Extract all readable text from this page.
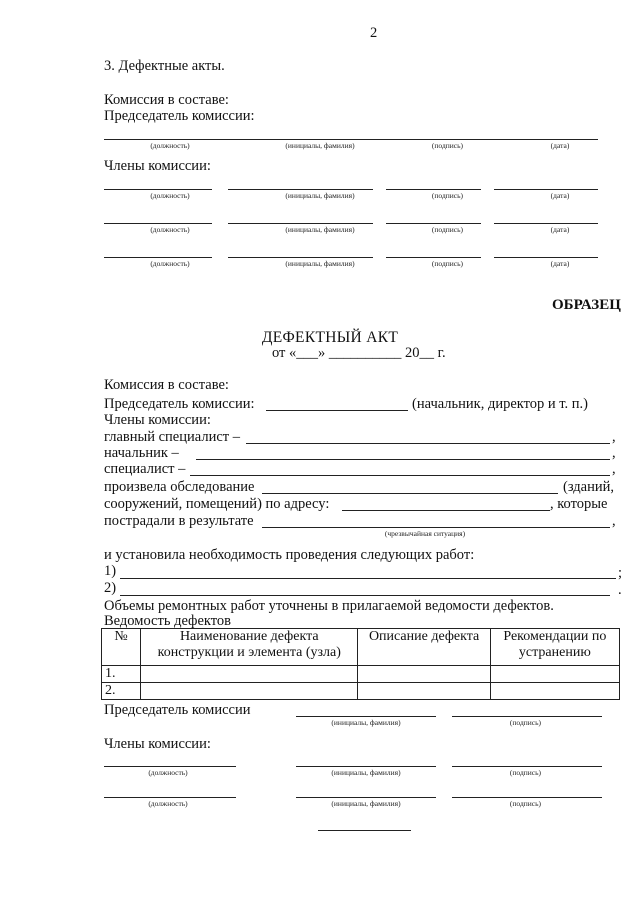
2
3. Дефектные акты.
Комиссия в составе:
Председатель комиссии:
(должность)	(инициалы, фамилия)	(подпись)	(дата)
Члены комиссии:
(должность)	(инициалы, фамилия)	(подпись)	(дата)
(должность)	(инициалы, фамилия)	(подпись)	(дата)
(должность)	(инициалы, фамилия)	(подпись)	(дата)
ОБРАЗЕЦ
ДЕФЕКТНЫЙ АКТ
от «___» __________ 20__ г.
Комиссия в составе:
Председатель комиссии:	(начальник, директор и т. п.)
Члены комиссии:
главный специалист –	,
начальник –	,
специалист –	,
произвела обследование	(зданий,
сооружений, помещений) по адресу:	, которые
пострадали в результате	,
(чрезвычайная ситуация)
и установила необходимость проведения следующих работ:
1)	;
2)	.
Объемы ремонтных работ уточнены в прилагаемой ведомости дефектов.
Ведомость дефектов
№	Наименование дефекта конструкции и элемента (узла)	Описание дефекта	Рекомендации по устранению
1.			
2.			
Председатель комиссии
(инициалы, фамилия)	(подпись)
Члены комиссии:
(должность)	(инициалы, фамилия)	(подпись)
(должность)	(инициалы, фамилия)	(подпись)
